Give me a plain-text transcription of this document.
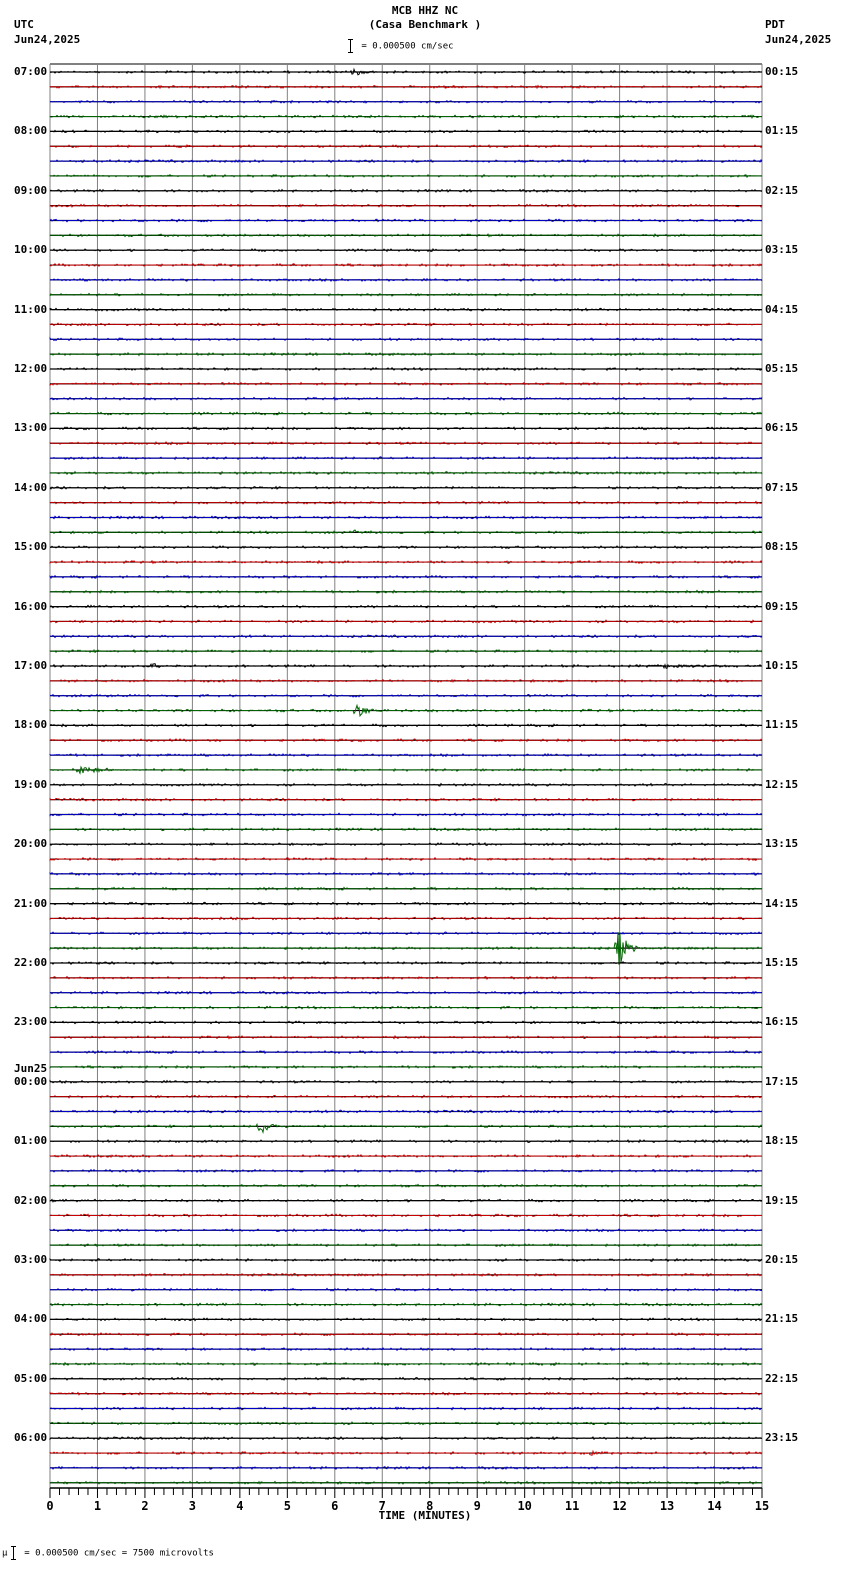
MCB HHZ NC
(Casa Benchmark )
UTC
Jun24,2025
PDT
Jun24,2025
= 0.000500 cm/sec
0	1	2	3	4	5	6	7	8	9	10	11	12	13	14	15
TIME (MINUTES)
μ = 0.000500 cm/sec = 7500 microvolts
07:00
08:00
09:00
10:00
11:00
12:00
13:00
14:00
15:00
16:00
17:00
18:00
19:00
20:00
21:00
22:00
23:00
00:00
Jun25
01:00
02:00
03:00
04:00
05:00
06:00
00:15
01:15
02:15
03:15
04:15
05:15
06:15
07:15
08:15
09:15
10:15
11:15
12:15
13:15
14:15
15:15
16:15
17:15
18:15
19:15
20:15
21:15
22:15
23:15
